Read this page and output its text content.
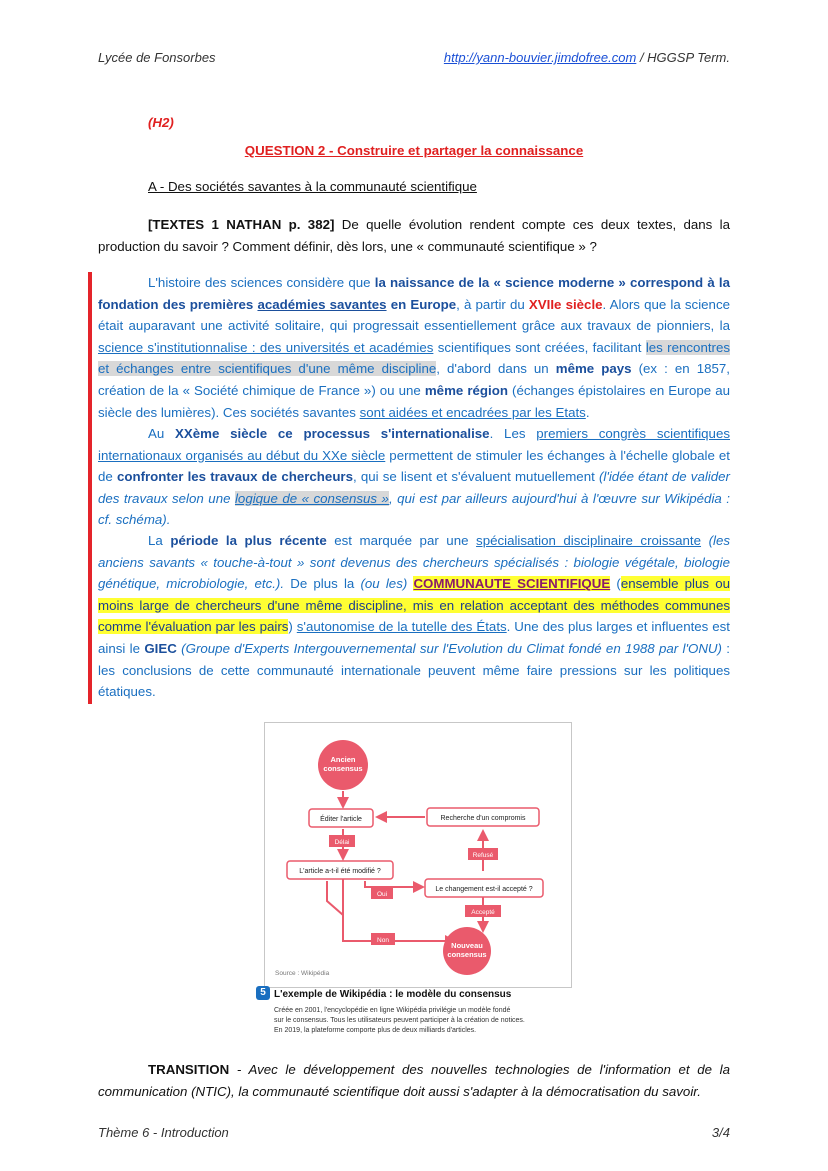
Lycée de Fonsorbes	http://yann-bouvier.jimdofree.com / HGGSP Term.
(H2)
QUESTION 2 - Construire et partager la connaissance
A - Des sociétés savantes à la communauté scientifique
[TEXTES 1 NATHAN p. 382] De quelle évolution rendent compte ces deux textes, dans la production du savoir ? Comment définir, dès lors, une « communauté scientifique » ?
L'histoire des sciences considère que la naissance de la « science moderne » correspond à la fondation des premières académies savantes en Europe, à partir du XVIIe siècle. Alors que la science était auparavant une activité solitaire, qui progressait essentiellement grâce aux travaux de pionniers, la science s'institutionnalise : des universités et académies scientifiques sont créées, facilitant les rencontres et échanges entre scientifiques d'une même discipline, d'abord dans un même pays (ex : en 1857, création de la « Société chimique de France ») ou une même région (échanges épistolaires en Europe au siècle des lumières). Ces sociétés savantes sont aidées et encadrées par les Etats.
Au XXème siècle ce processus s'internationalise. Les premiers congrès scientifiques internationaux organisés au début du XXe siècle permettent de stimuler les échanges à l'échelle globale et de confronter les travaux de chercheurs, qui se lisent et s'évaluent mutuellement (l'idée étant de valider des travaux selon une logique de « consensus », qui est par ailleurs aujourd'hui à l'œuvre sur Wikipédia : cf. schéma).
La période la plus récente est marquée par une spécialisation disciplinaire croissante (les anciens savants « touche-à-tout » sont devenus des chercheurs spécialisés : biologie végétale, biologie génétique, microbiologie, etc.). De plus la (ou les) COMMUNAUTE SCIENTIFIQUE (ensemble plus ou moins large de chercheurs d'une même discipline, mis en relation acceptant des méthodes communes comme l'évaluation par les pairs) s'autonomise de la tutelle des États. Une des plus larges et influentes est ainsi le GIEC (Groupe d'Experts Intergouvernemental sur l'Evolution du Climat fondé en 1988 par l'ONU) : les conclusions de cette communauté internationale peuvent même faire pressions sur les politiques étatiques.
Ancien
consensus
Éditer l'article	Recherche d'un compromis
Délai
Refusé
L'article a-t-il été modifié ?
Oui
Le changement est-il accepté ?
Accepté
Non
Nouveau
consensus
Source : Wikipédia
5 L'exemple de Wikipédia : le modèle du consensus
Créée en 2001, l'encyclopédie en ligne Wikipédia privilégie un modèle fondé
sur le consensus. Tous les utilisateurs peuvent participer à la création de notices.
En 2019, la plateforme comporte plus de deux milliards d'articles.
TRANSITION - Avec le développement des nouvelles technologies de l'information et de la communication (NTIC), la communauté scientifique doit aussi s'adapter à la démocratisation du savoir.
Thème 6 - Introduction	3/4
